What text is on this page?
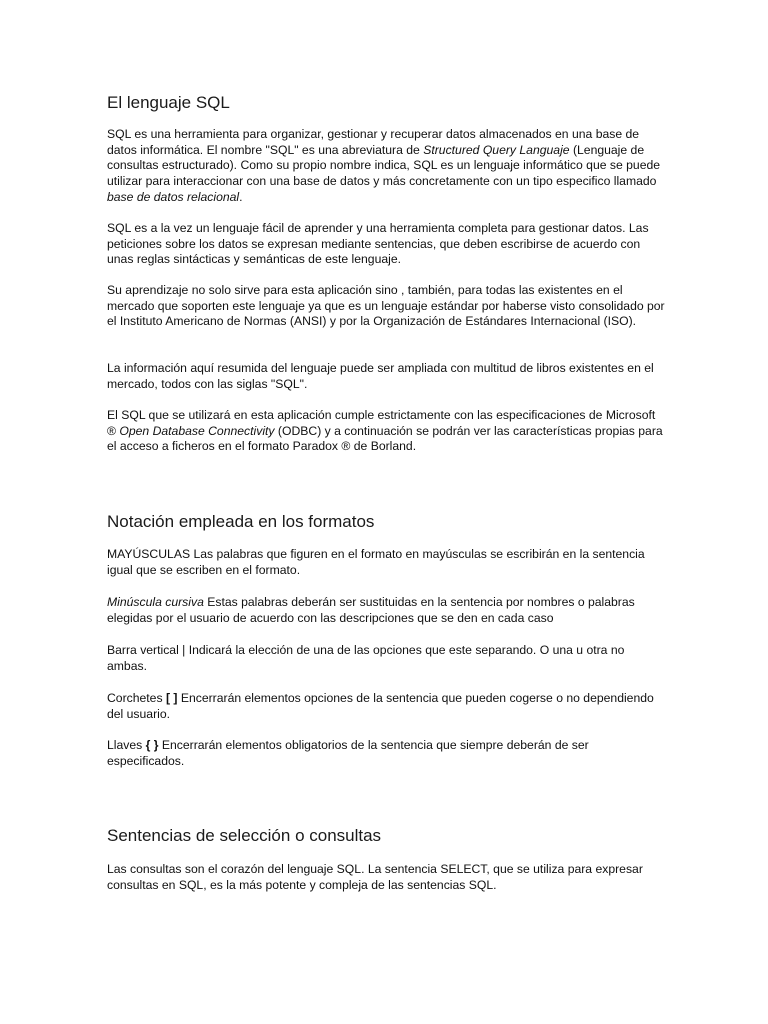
El lenguaje SQL

SQL es una herramienta para organizar, gestionar y recuperar datos almacenados en una base de datos informática. El nombre "SQL" es una abreviatura de Structured Query Languaje (Lenguaje de consultas estructurado). Como su propio nombre indica, SQL es un lenguaje informático que se puede utilizar para interaccionar con una base de datos y más concretamente con un tipo especifico llamado base de datos relacional.

SQL es a la vez un lenguaje fácil de aprender y una herramienta completa para gestionar datos. Las peticiones sobre los datos se expresan mediante sentencias, que deben escribirse de acuerdo con unas reglas sintácticas y semánticas de este lenguaje.

Su aprendizaje no solo sirve para esta aplicación sino , también, para todas las existentes en el mercado que soporten este lenguaje ya que es un lenguaje estándar por haberse visto consolidado por el Instituto Americano de Normas (ANSI) y por la Organización de Estándares Internacional (ISO).

La información aquí resumida del lenguaje puede ser ampliada con multitud de libros existentes en el mercado, todos con las siglas "SQL".

El SQL que se utilizará en esta aplicación cumple estrictamente con las especificaciones de Microsoft ® Open Database Connectivity (ODBC) y a continuación se podrán ver las características propias para el acceso a ficheros en el formato Paradox ® de Borland.

Notación empleada en los formatos

MAYÚSCULAS Las palabras que figuren en el formato en mayúsculas se escribirán en la sentencia igual que se escriben en el formato.

Minúscula cursiva Estas palabras deberán ser sustituidas en la sentencia por nombres o palabras elegidas por el usuario de acuerdo con las descripciones que se den en cada caso

Barra vertical | Indicará la elección de una de las opciones que este separando. O una u otra no ambas.

Corchetes [ ] Encerrarán elementos opciones de la sentencia que pueden cogerse o no dependiendo del usuario.

Llaves { } Encerrarán elementos obligatorios de la sentencia que siempre deberán de ser especificados.

Sentencias de selección o consultas

Las consultas son el corazón del lenguaje SQL. La sentencia SELECT, que se utiliza para expresar consultas en SQL, es la más potente y compleja de las sentencias SQL.
